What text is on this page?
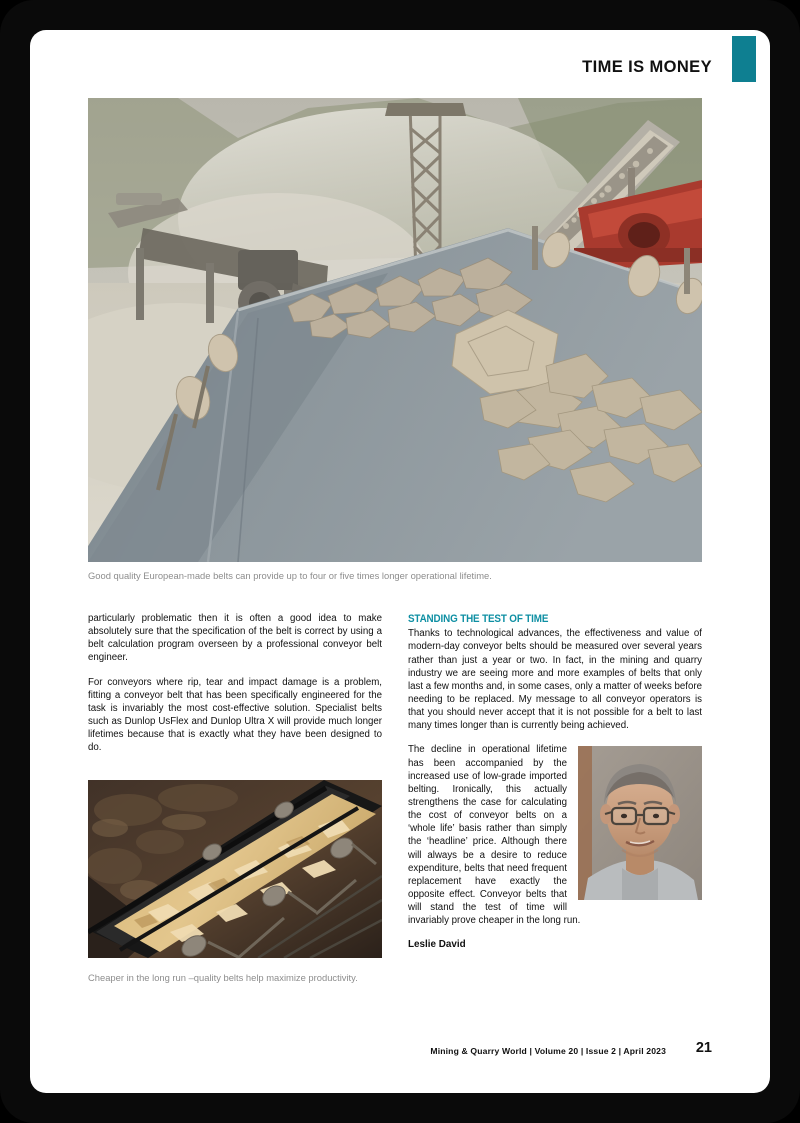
TIME IS MONEY
Good quality European-made belts can provide up to four or five times longer operational lifetime.

particularly problematic then it is often a good idea to make absolutely sure that the specification of the belt is correct by using a belt calculation program overseen by a professional conveyor belt engineer.

For conveyors where rip, tear and impact damage is a problem, fitting a conveyor belt that has been specifically engineered for the task is invariably the most cost-effective solution. Specialist belts such as Dunlop UsFlex and Dunlop Ultra X will provide much longer lifetimes because that is exactly what they have been designed to do.

Cheaper in the long run –quality belts help maximize productivity.
STANDING THE TEST OF TIME

Thanks to technological advances, the effectiveness and value of modern-day conveyor belts should be measured over several years rather than just a year or two. In fact, in the mining and quarry industry we are seeing more and more examples of belts that only last a few months and, in some cases, only a matter of weeks before needing to be replaced. My message to all conveyor operators is that you should never accept that it is not possible for a belt to last many times longer than is currently being achieved.

The decline in operational lifetime has been accompanied by the increased use of low-grade imported belting. Ironically, this actually strengthens the case for calculating the cost of conveyor belts on a ‘whole life’ basis rather than simply the ‘headline’ price. Although there will always be a desire to reduce expenditure, belts that need frequent replacement have exactly the opposite effect. Conveyor belts that will stand the test of time will invariably prove cheaper in the long run.

Leslie David

Mining & Quarry World | Volume 20 | Issue 2 | April 2023 21
